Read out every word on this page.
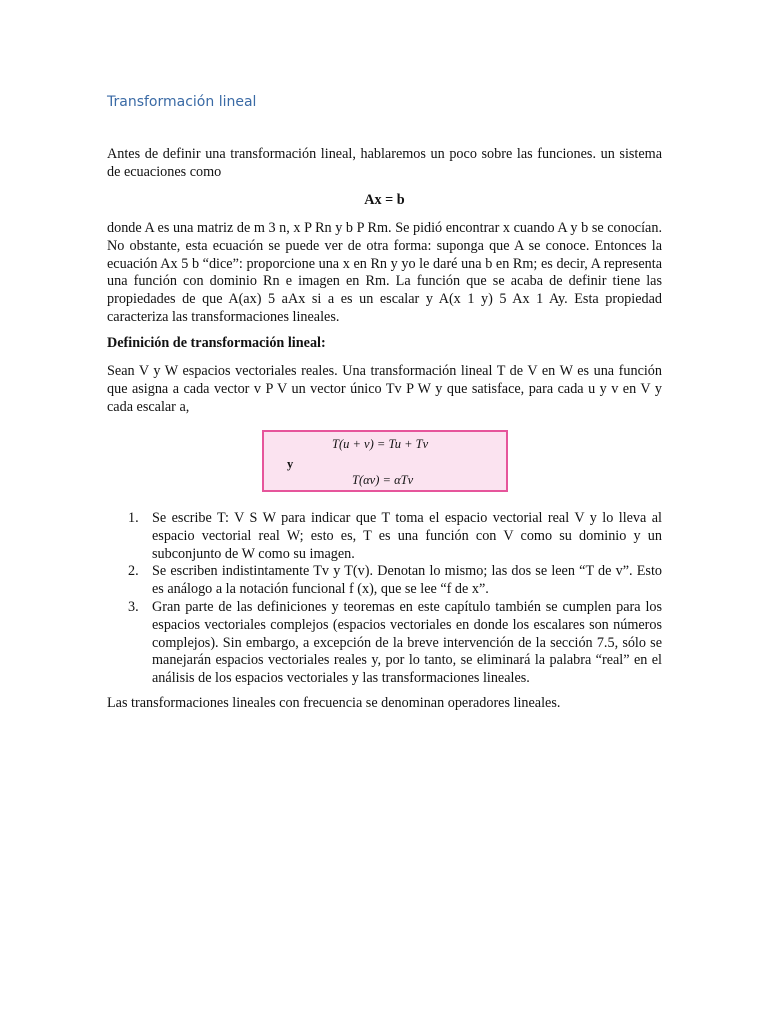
Transformación lineal

Antes de definir una transformación lineal, hablaremos un poco sobre las funciones. un sistema de ecuaciones como

Ax = b

donde A es una matriz de m 3 n, x P Rn y b P Rm. Se pidió encontrar x cuando A y b se conocían. No obstante, esta ecuación se puede ver de otra forma: suponga que A se conoce. Entonces la ecuación Ax 5 b “dice”: proporcione una x en Rn y yo le daré una b en Rm; es decir, A representa una función con dominio Rn e imagen en Rm. La función que se acaba de definir tiene las propiedades de que A(ax) 5 aAx si a es un escalar y A(x 1 y) 5 Ax 1 Ay. Esta propiedad caracteriza las transformaciones lineales.

Definición de transformación lineal:

Sean V y W espacios vectoriales reales. Una transformación lineal T de V en W es una función que asigna a cada vector v P V un vector único Tv P W y que satisface, para cada u y v en V y cada escalar a,

T(u + v) = Tu + Tv
y
T(αv) = αTv
1. Se escribe T: V S W para indicar que T toma el espacio vectorial real V y lo lleva al espacio vectorial real W; esto es, T es una función con V como su dominio y un subconjunto de W como su imagen.
2. Se escriben indistintamente Tv y T(v). Denotan lo mismo; las dos se leen “T de v”. Esto es análogo a la notación funcional f (x), que se lee “f de x”.
3. Gran parte de las definiciones y teoremas en este capítulo también se cumplen para los espacios vectoriales complejos (espacios vectoriales en donde los escalares son números complejos). Sin embargo, a excepción de la breve intervención de la sección 7.5, sólo se manejarán espacios vectoriales reales y, por lo tanto, se eliminará la palabra “real” en el análisis de los espacios vectoriales y las transformaciones lineales.

Las transformaciones lineales con frecuencia se denominan operadores lineales.
